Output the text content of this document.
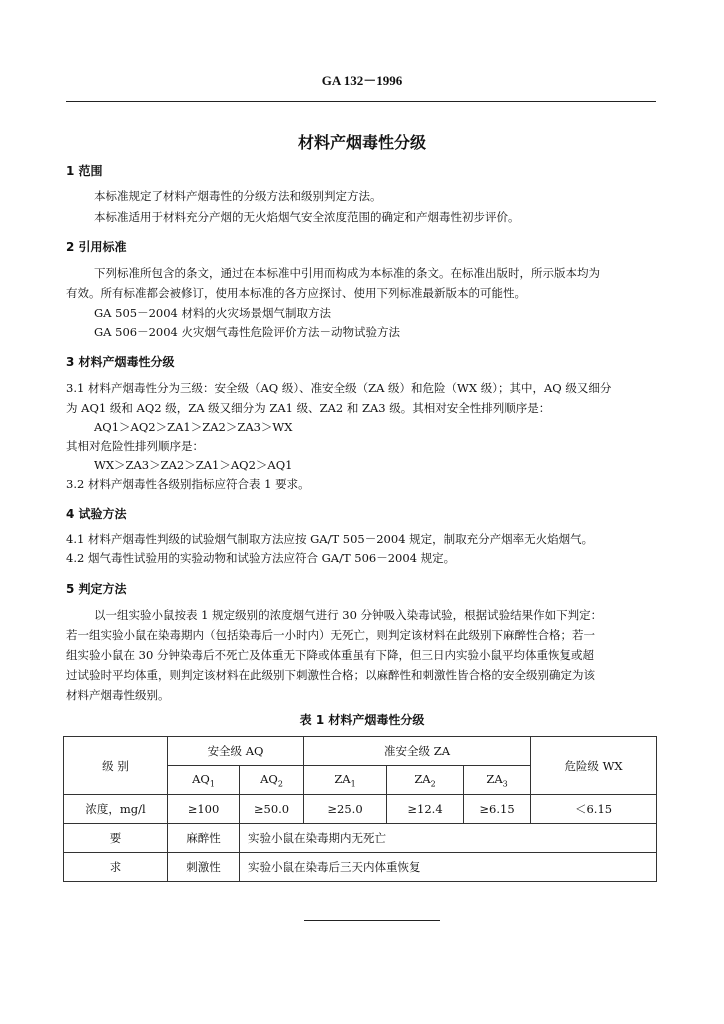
GA 132－1996
材料产烟毒性分级
1 范围
本标准规定了材料产烟毒性的分级方法和级别判定方法。
本标准适用于材料充分产烟的无火焰烟气安全浓度范围的确定和产烟毒性初步评价。
2 引用标准
下列标准所包含的条文，通过在本标准中引用而构成为本标准的条文。在标准出版时，所示版本均为
有效。所有标准都会被修订，使用本标准的各方应探讨、使用下列标准最新版本的可能性。
GA 505－2004 材料的火灾场景烟气制取方法
GA 506－2004 火灾烟气毒性危险评价方法－动物试验方法
3 材料产烟毒性分级
3.1 材料产烟毒性分为三级：安全级（AQ 级）、准安全级（ZA 级）和危险（WX 级）；其中，AQ 级又细分
为 AQ1 级和 AQ2 级，ZA 级又细分为 ZA1 级、ZA2 和 ZA3 级。其相对安全性排列顺序是：
AQ1＞AQ2＞ZA1＞ZA2＞ZA3＞WX
其相对危险性排列顺序是：
WX＞ZA3＞ZA2＞ZA1＞AQ2＞AQ1
3.2 材料产烟毒性各级别指标应符合表 1 要求。
4 试验方法
4.1 材料产烟毒性判级的试验烟气制取方法应按 GA/T 505－2004 规定，制取充分产烟率无火焰烟气。
4.2 烟气毒性试验用的实验动物和试验方法应符合 GA/T 506－2004 规定。
5 判定方法
以一组实验小鼠按表 1 规定级别的浓度烟气进行 30 分钟吸入染毒试验，根据试验结果作如下判定：
若一组实验小鼠在染毒期内（包括染毒后一小时内）无死亡，则判定该材料在此级别下麻醉性合格；若一
组实验小鼠在 30 分钟染毒后不死亡及体重无下降或体重虽有下降，但三日内实验小鼠平均体重恢复或超
过试验时平均体重，则判定该材料在此级别下刺激性合格；以麻醉性和刺激性皆合格的安全级别确定为该
材料产烟毒性级别。
表 1 材料产烟毒性分级
级 别	安全级 AQ		准安全级 ZA			危险级 WX
	$AQ_1$	$AQ_2$	$ZA_1$	$ZA_2$	$ZA_3$
浓度，mg/l	≥100	≥50.0	≥25.0	≥12.4	≥6.15	＜6.15
要	麻醉性	实验小鼠在染毒期内无死亡				
求	刺激性	实验小鼠在染毒后三天内体重恢复				
